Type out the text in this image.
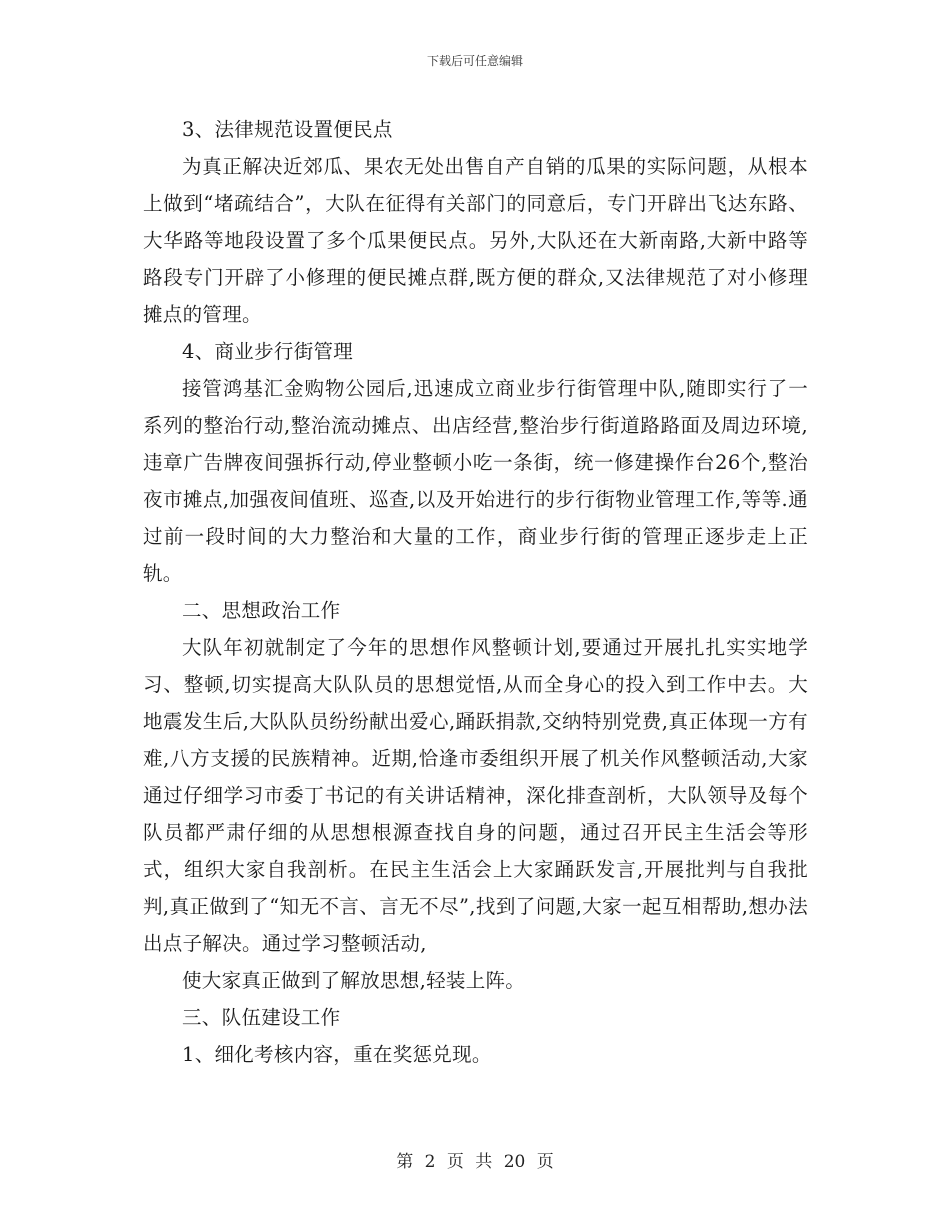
下载后可任意编辑

3、法律规范设置便民点

为真正解决近郊瓜、果农无处出售自产自销的瓜果的实际问题，从根本上做到“堵疏结合”，大队在征得有关部门的同意后，专门开辟出飞达东路、大华路等地段设置了多个瓜果便民点。另外,大队还在大新南路,大新中路等路段专门开辟了小修理的便民摊点群,既方便的群众,又法律规范了对小修理摊点的管理。

4、商业步行街管理

接管鸿基汇金购物公园后,迅速成立商业步行街管理中队,随即实行了一系列的整治行动,整治流动摊点、出店经营,整治步行街道路路面及周边环境,违章广告牌夜间强拆行动,停业整顿小吃一条街，统一修建操作台26个,整治夜市摊点,加强夜间值班、巡查,以及开始进行的步行街物业管理工作,等等.通过前一段时间的大力整治和大量的工作，商业步行街的管理正逐步走上正轨。

二、思想政治工作

大队年初就制定了今年的思想作风整顿计划,要通过开展扎扎实实地学习、整顿,切实提高大队队员的思想觉悟,从而全身心的投入到工作中去。大地震发生后,大队队员纷纷献出爱心,踊跃捐款,交纳特别党费,真正体现一方有难,八方支援的民族精神。近期,恰逢市委组织开展了机关作风整顿活动,大家通过仔细学习市委丁书记的有关讲话精神，深化排查剖析，大队领导及每个队员都严肃仔细的从思想根源查找自身的问题，通过召开民主生活会等形式，组织大家自我剖析。在民主生活会上大家踊跃发言,开展批判与自我批判,真正做到了“知无不言、言无不尽”,找到了问题,大家一起互相帮助,想办法出点子解决。通过学习整顿活动,

使大家真正做到了解放思想,轻装上阵。

三、队伍建设工作

1、细化考核内容，重在奖惩兑现。

第 2 页 共 20 页
